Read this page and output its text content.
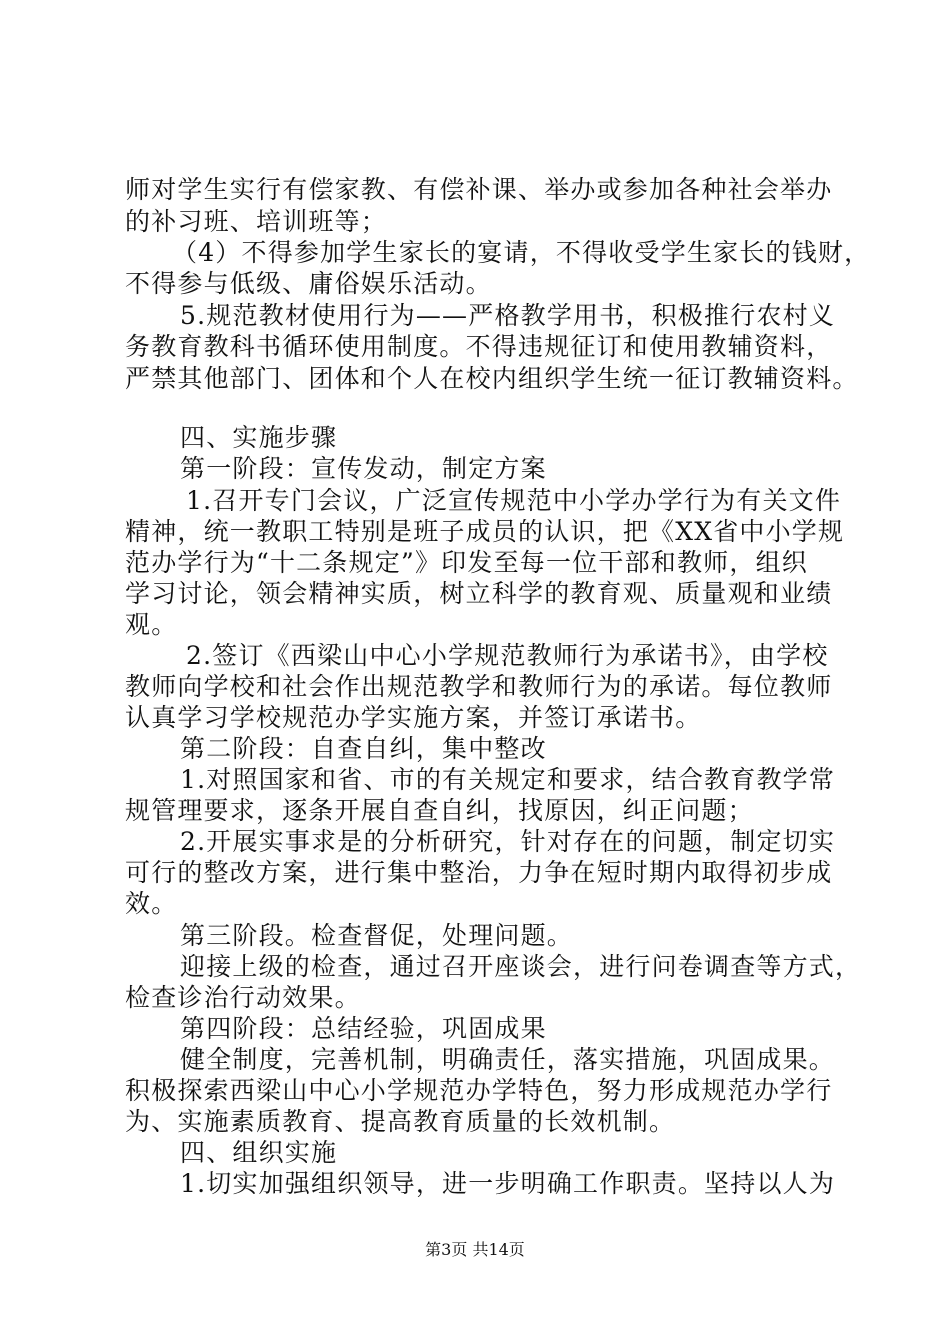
师对学生实行有偿家教、有偿补课、举办或参加各种社会举办
的补习班、培训班等；
（4）不得参加学生家长的宴请，不得收受学生家长的钱财，
不得参与低级、庸俗娱乐活动。
5.规范教材使用行为——严格教学用书，积极推行农村义
务教育教科书循环使用制度。不得违规征订和使用教辅资料，
严禁其他部门、团体和个人在校内组织学生统一征订教辅资料。
四、实施步骤
第一阶段：宣传发动，制定方案
1.召开专门会议，广泛宣传规范中小学办学行为有关文件
精神，统一教职工特别是班子成员的认识，把《XX省中小学规
范办学行为“十二条规定”》印发至每一位干部和教师，组织
学习讨论，领会精神实质，树立科学的教育观、质量观和业绩
观。
2.签订《西梁山中心小学规范教师行为承诺书》，由学校
教师向学校和社会作出规范教学和教师行为的承诺。每位教师
认真学习学校规范办学实施方案，并签订承诺书。
第二阶段：自查自纠，集中整改
1.对照国家和省、市的有关规定和要求，结合教育教学常
规管理要求，逐条开展自查自纠，找原因，纠正问题；
2.开展实事求是的分析研究，针对存在的问题，制定切实
可行的整改方案，进行集中整治，力争在短时期内取得初步成
效。
第三阶段。检查督促，处理问题。
迎接上级的检查，通过召开座谈会，进行问卷调查等方式，
检查诊治行动效果。
第四阶段：总结经验，巩固成果
健全制度，完善机制，明确责任，落实措施，巩固成果。
积极探索西梁山中心小学规范办学特色，努力形成规范办学行
为、实施素质教育、提高教育质量的长效机制。
四、组织实施
1.切实加强组织领导，进一步明确工作职责。坚持以人为
第3页 共14页
